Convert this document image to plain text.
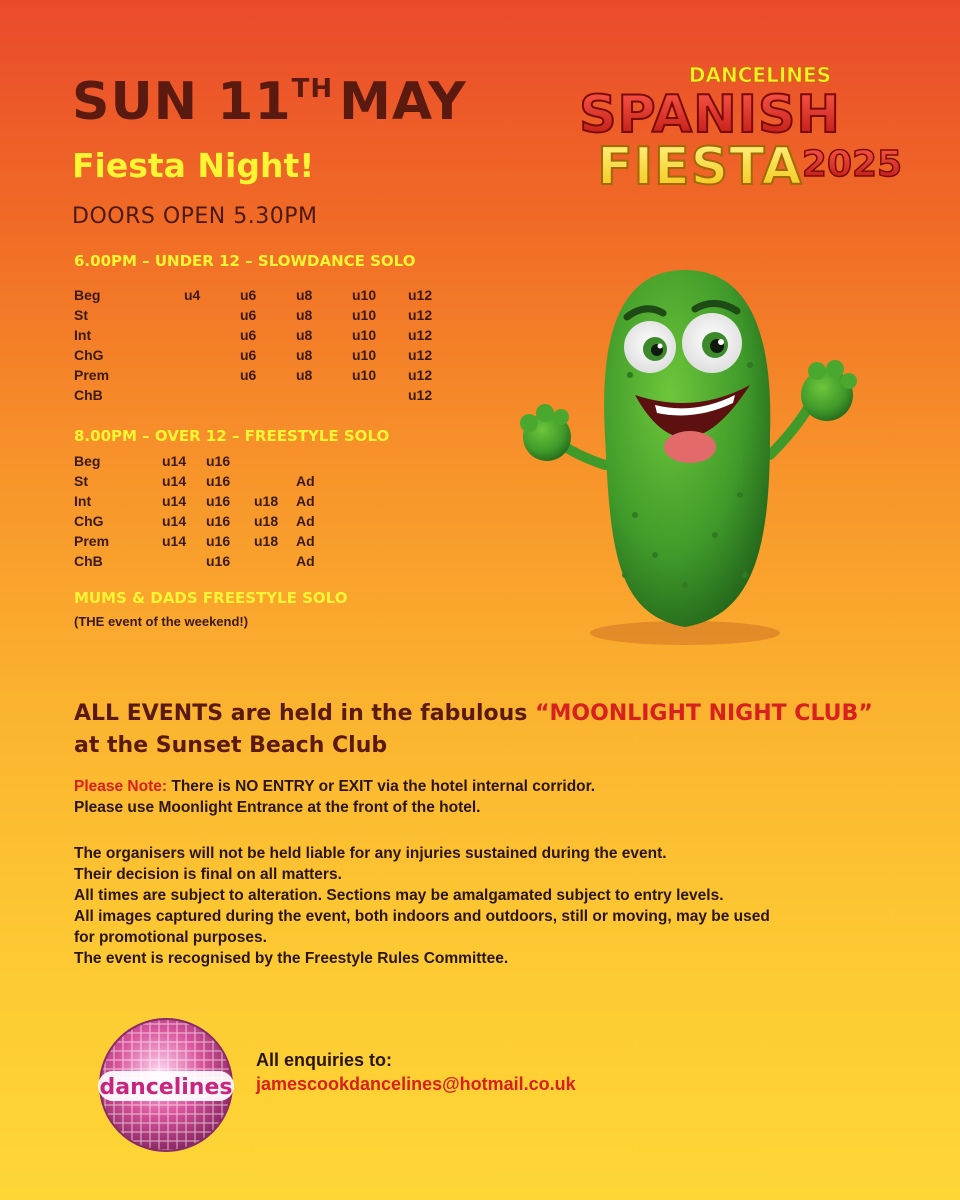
SUN 11TH MAY
Fiesta Night!
DOORS OPEN 5.30PM
DANCELINES
SPANISH
FIESTA 2025
6.00PM – UNDER 12 – SLOWDANCE SOLO
Beg	u4	u6	u8	u10	u12
St		u6	u8	u10	u12
Int		u6	u8	u10	u12
ChG		u6	u8	u10	u12
Prem		u6	u8	u10	u12
ChB					u12
8.00PM – OVER 12 – FREESTYLE SOLO
Beg	u14	u16		
St	u14	u16		Ad
Int	u14	u16	u18	Ad
ChG	u14	u16	u18	Ad
Prem	u14	u16	u18	Ad
ChB		u16		Ad
MUMS & DADS FREESTYLE SOLO
(THE event of the weekend!)
ALL EVENTS are held in the fabulous “MOONLIGHT NIGHT CLUB”
at the Sunset Beach Club
Please Note: There is NO ENTRY or EXIT via the hotel internal corridor.
Please use Moonlight Entrance at the front of the hotel.
The organisers will not be held liable for any injuries sustained during the event.
Their decision is final on all matters.
All times are subject to alteration. Sections may be amalgamated subject to entry levels.
All images captured during the event, both indoors and outdoors, still or moving, may be used
for promotional purposes.
The event is recognised by the Freestyle Rules Committee.
dancelines
All enquiries to:
jamescookdancelines@hotmail.co.uk
